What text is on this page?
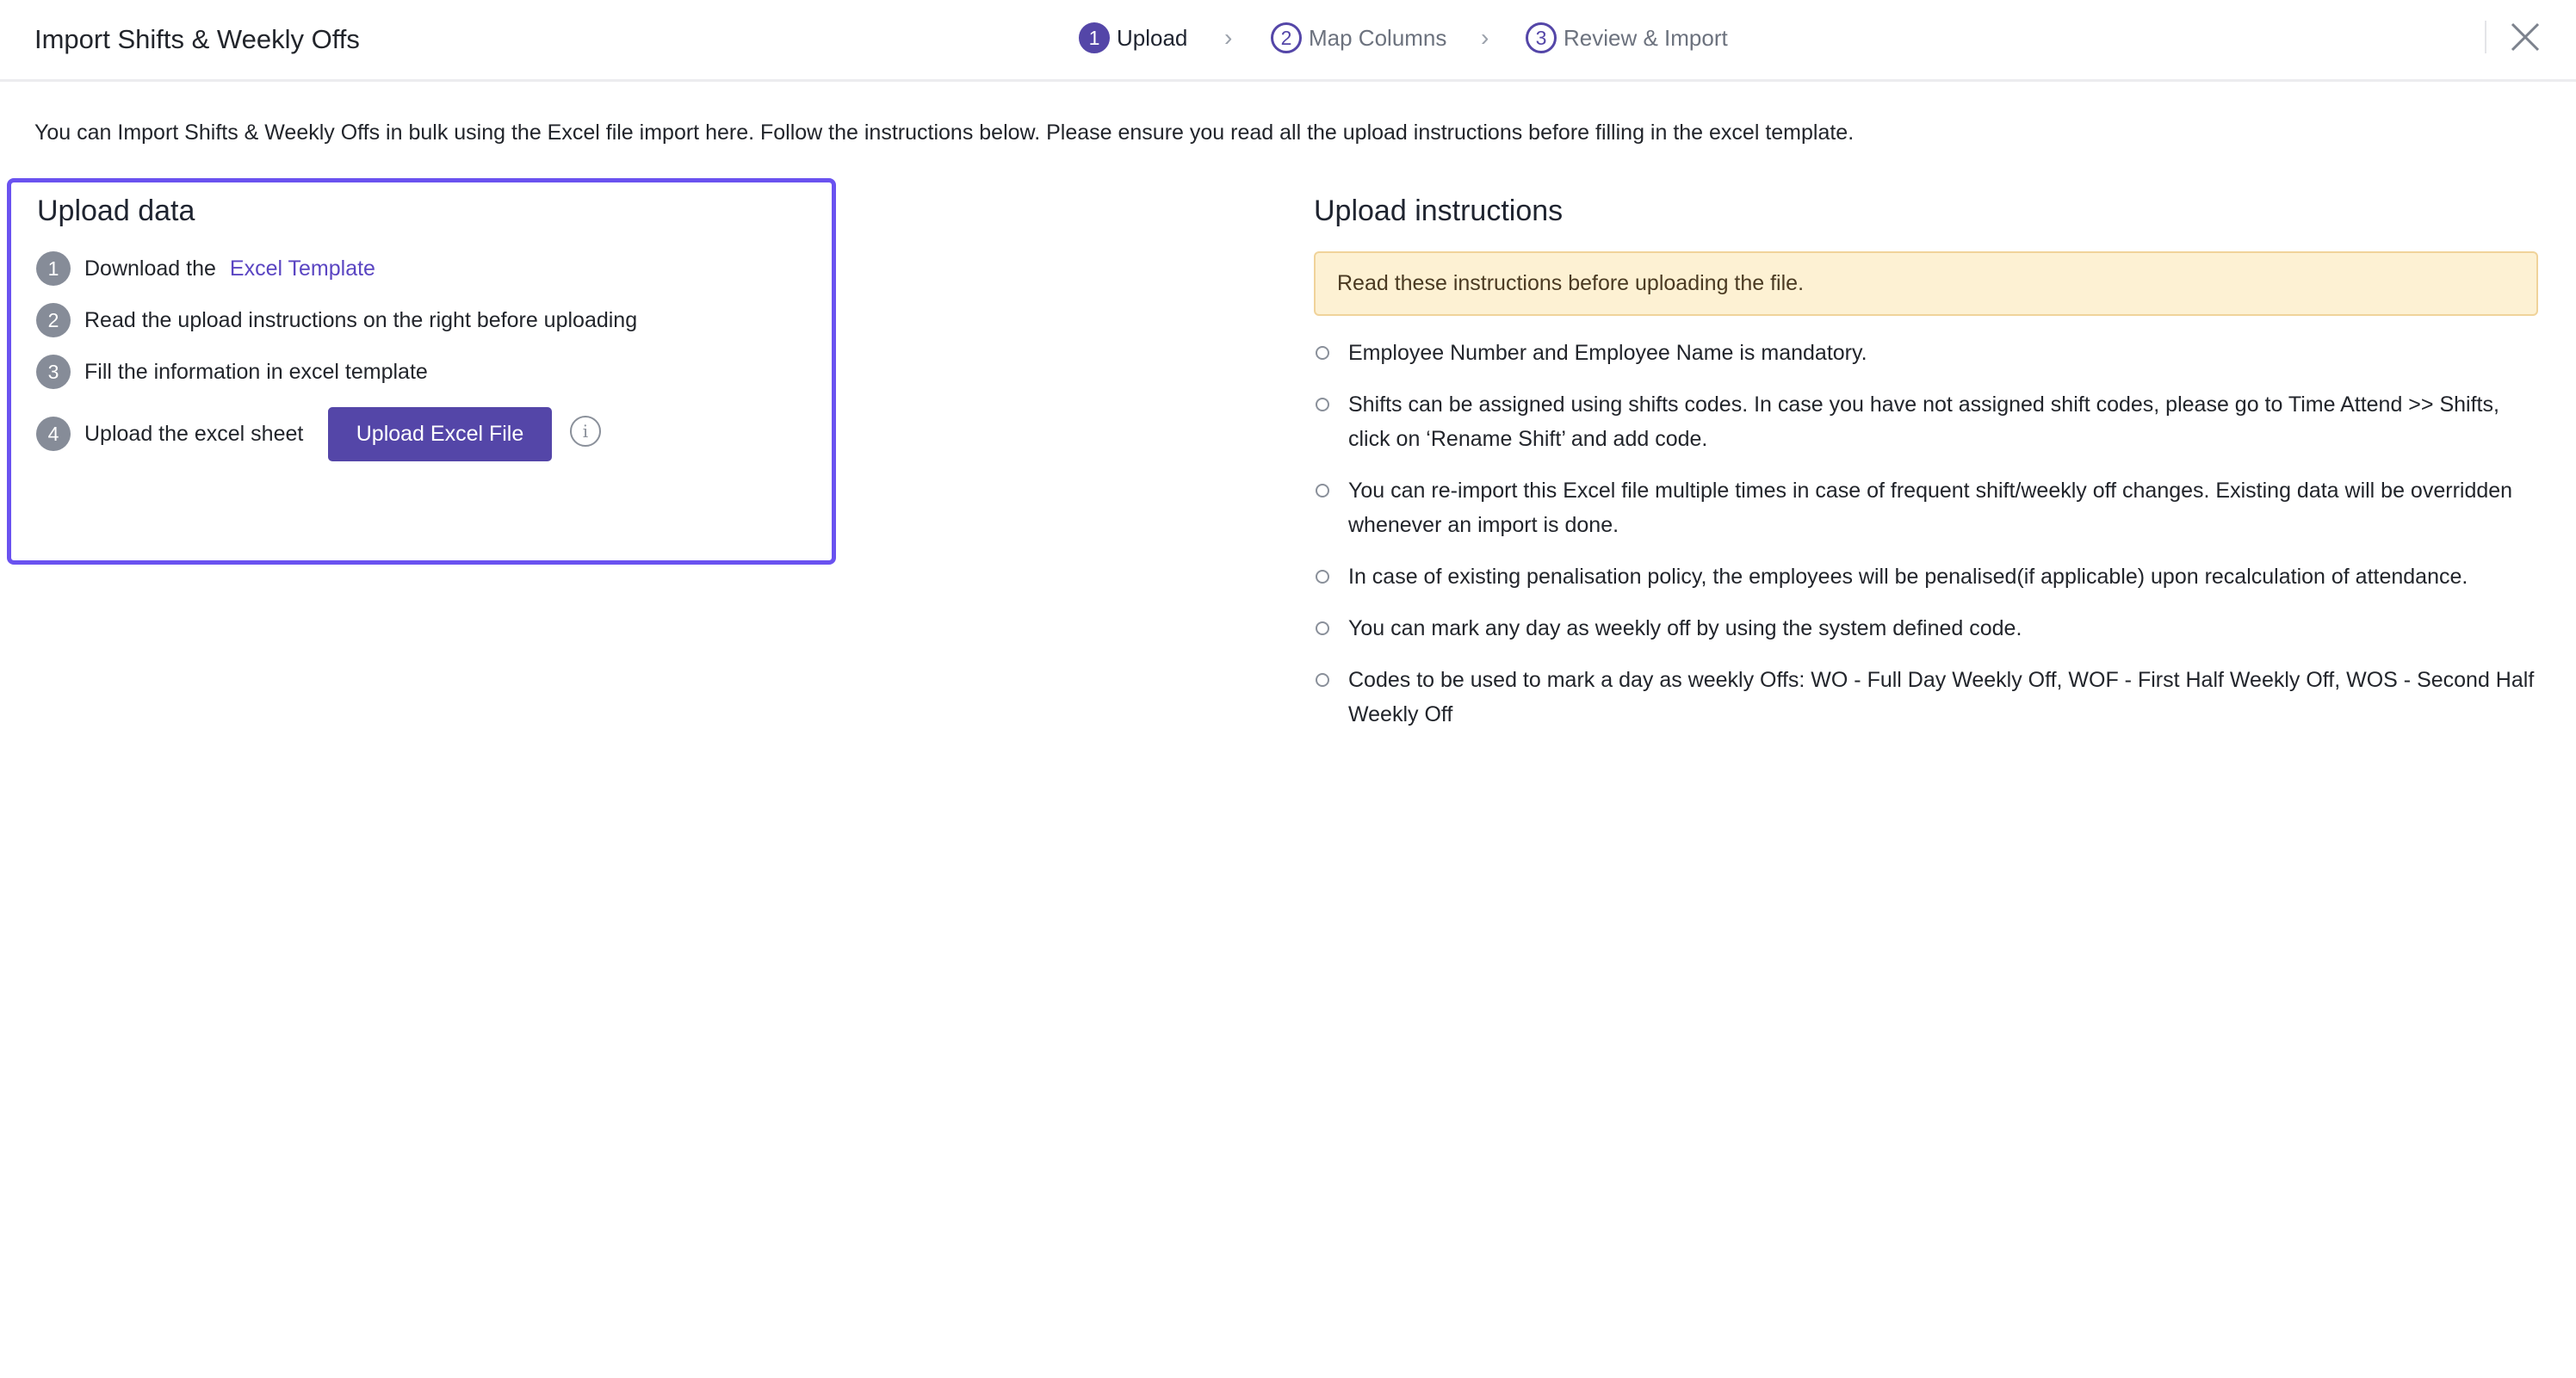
Import Shifts & Weekly Offs	1 Upload ›	2 Map Columns ›	3 Review & Import
You can Import Shifts & Weekly Offs in bulk using the Excel file import here. Follow the instructions below. Please ensure you read all the upload instructions before filling in the excel template.
Upload data
1	Download the Excel Template
2	Read the upload instructions on the right before uploading
3	Fill the information in excel template
4	Upload the excel sheet	Upload Excel File	i
Upload instructions
Read these instructions before uploading the file.
Employee Number and Employee Name is mandatory.
Shifts can be assigned using shifts codes. In case you have not assigned shift codes, please go to Time Attend >> Shifts, click on ‘Rename Shift’ and add code.
You can re-import this Excel file multiple times in case of frequent shift/weekly off changes. Existing data will be overridden whenever an import is done.
In case of existing penalisation policy, the employees will be penalised(if applicable) upon recalculation of attendance.
You can mark any day as weekly off by using the system defined code.
Codes to be used to mark a day as weekly Offs: WO - Full Day Weekly Off, WOF - First Half Weekly Off, WOS - Second Half Weekly Off
